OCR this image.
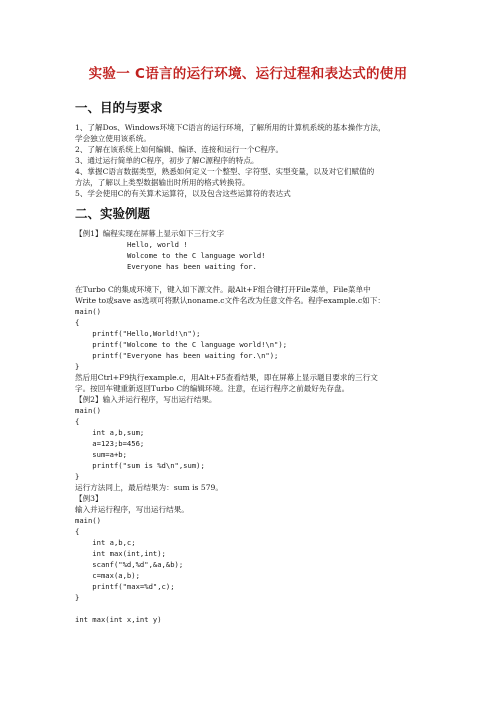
实验一 C语言的运行环境、运行过程和表达式的使用
一、目的与要求
1、了解Dos、Windows环境下C语言的运行环境，了解所用的计算机系统的基本操作方法，
学会独立使用该系统。
2、了解在该系统上如何编辑、编译、连接和运行一个C程序。
3、通过运行简单的C程序，初步了解C源程序的特点。
4、掌握C语言数据类型，熟悉如何定义一个整型、字符型、实型变量，以及对它们赋值的
方法，了解以上类型数据输出时所用的格式转换符。
5、学会使用C的有关算术运算符，以及包含这些运算符的表达式
二、实验例题
【例1】编程实现在屏幕上显示如下三行文字
Hello, world !
Wolcome to the C language world!
Everyone has been waiting for.
在Turbo C的集成环境下，键入如下源文件。敲Alt+F组合键打开File菜单，File菜单中
Write to或save as选项可将默认noname.c文件名改为任意文件名。程序example.c如下：
main()
{
printf("Hello,World!\n");
printf("Wolcome to the C language world!\n");
printf("Everyone has been waiting for.\n");
}
然后用Ctrl+F9执行example.c，用Alt+F5查看结果，即在屏幕上显示题目要求的三行文
字。按回车键重新返回Turbo C的编辑环境。注意，在运行程序之前最好先存盘。
【例2】输入并运行程序，写出运行结果。
main()
{
int a,b,sum;
a=123;b=456;
sum=a+b;
printf("sum is %d\n",sum);
}
运行方法同上，最后结果为：sum is 579。
【例3】
输入并运行程序，写出运行结果。
main()
{
int a,b,c;
int max(int,int);
scanf("%d,%d",&a,&b);
c=max(a,b);
printf("max=%d",c);
}
int max(int x,int y)
